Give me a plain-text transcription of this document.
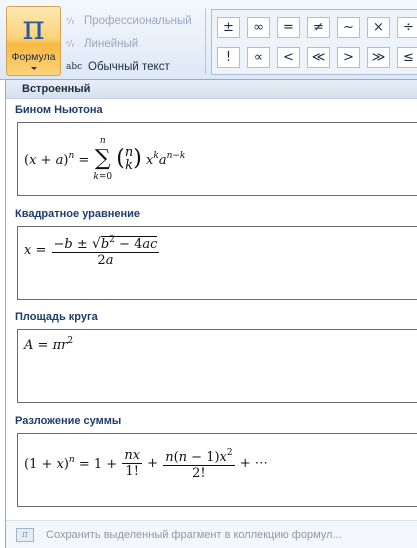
π
Формула
ˣ∕ᵧ Профессиональный
ˣ∕ᵧ Линейный
abc Обычный текст
±	∞	=	≠	~	×	÷
!	∝	<	≪	>	≫	≤
Встроенный
Бином Ньютона
$(x + a)^n$ =
n
∑
k=0
( n
k ) $x^ka^{n-k}$
Квадратное уравнение
$x = \frac{-b \pm √b^2 - 4ac}{2a}$
Площадь круга
$A = \pi r^2$
Разложение суммы
$(1 + x)^n = 1 + \frac{nx}{1!} + \frac{n(n - 1)x^2}{2!}$ + ⋯
π	Сохранить выделенный фрагмент в коллекцию формул...
